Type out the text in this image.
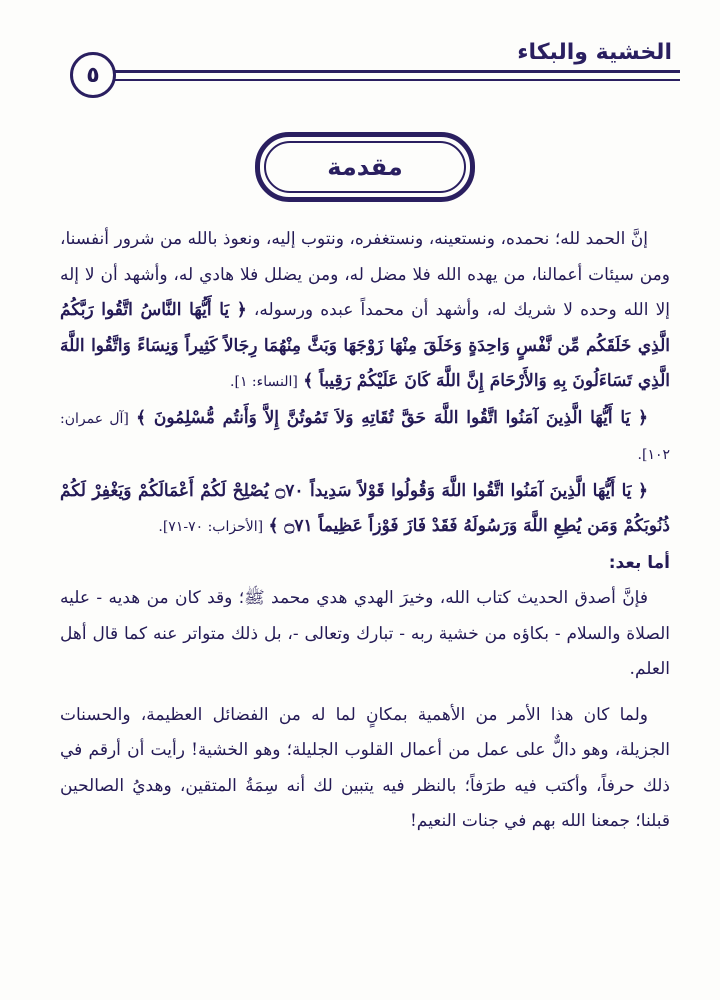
الخشية والبكاء
٥
مقدمة

إنَّ الحمد لله؛ نحمده، ونستعينه، ونستغفره، ونتوب إليه، ونعوذ بالله من شرور أنفسنا، ومن سيئات أعمالنا، من يهده الله فلا مضل له، ومن يضلل فلا هادي له، وأشهد أن لا إله إلا الله وحده لا شريك له، وأشهد أن محمداً عبده ورسوله، ﴿ يَا أَيُّهَا النَّاسُ اتَّقُوا رَبَّكُمُ الَّذِي خَلَقَكُم مِّن نَّفْسٍ وَاحِدَةٍ وَخَلَقَ مِنْهَا زَوْجَهَا وَبَثَّ مِنْهُمَا رِجَالاً كَثِيراً وَنِسَاءً وَاتَّقُوا اللَّهَ الَّذِي تَسَاءَلُونَ بِهِ وَالأَرْحَامَ إِنَّ اللَّهَ كَانَ عَلَيْكُمْ رَقِيباً ﴾ [النساء: ١].

﴿ يَا أَيُّهَا الَّذِينَ آمَنُوا اتَّقُوا اللَّهَ حَقَّ تُقَاتِهِ وَلاَ تَمُوتُنَّ إِلاَّ وَأَنتُم مُّسْلِمُونَ ﴾ [آل عمران: ١٠٢].

﴿ يَا أَيُّهَا الَّذِينَ آمَنُوا اتَّقُوا اللَّهَ وَقُولُوا قَوْلاً سَدِيداً ۝٧٠ يُصْلِحْ لَكُمْ أَعْمَالَكُمْ وَيَغْفِرْ لَكُمْ ذُنُوبَكُمْ وَمَن يُطِعِ اللَّهَ وَرَسُولَهُ فَقَدْ فَازَ فَوْزاً عَظِيماً ۝٧١ ﴾ [الأحزاب: ٧٠-٧١].

أما بعد:

فإنَّ أصدق الحديث كتاب الله، وخيرَ الهدي هدي محمد ﷺ؛ وقد كان من هديه - عليه الصلاة والسلام - بكاؤه من خشية ربه - تبارك وتعالى -، بل ذلك متواتر عنه كما قال أهل العلم.

ولما كان هذا الأمر من الأهمية بمكانٍ لما له من الفضائل العظيمة، والحسنات الجزيلة، وهو دالٌّ على عمل من أعمال القلوب الجليلة؛ وهو الخشية! رأيت أن أرقم في ذلك حرفاً، وأكتب فيه طرَفاً؛ بالنظر فيه يتبين لك أنه سِمَةُ المتقين، وهديُ الصالحين قبلنا؛ جمعنا الله بهم في جنات النعيم!
